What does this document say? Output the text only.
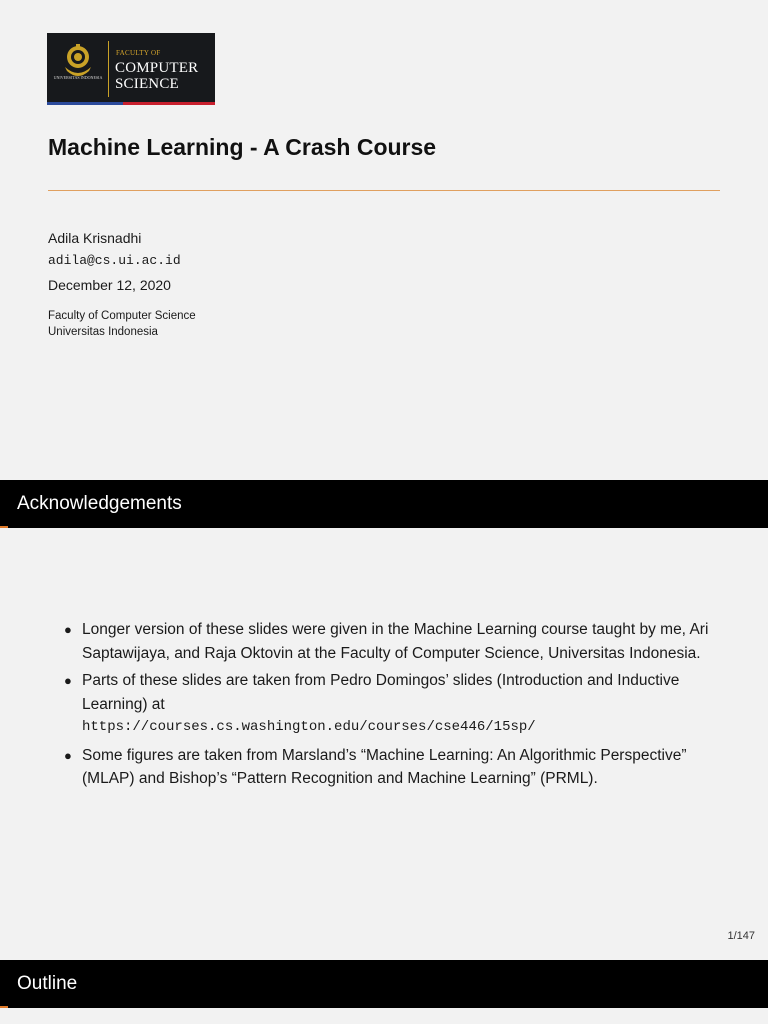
UNIVERSITAS INDONESIA
FACULTY OF
COMPUTER
SCIENCE
Machine Learning - A Crash Course
Adila Krisnadhi
adila@cs.ui.ac.id
December 12, 2020
Faculty of Computer Science
Universitas Indonesia
Acknowledgements
● Longer version of these slides were given in the Machine Learning course taught by me, Ari Saptawijaya, and Raja Oktovin at the Faculty of Computer Science, Universitas Indonesia.
● Parts of these slides are taken from Pedro Domingos’ slides (Introduction and Inductive Learning) at
https://courses.cs.washington.edu/courses/cse446/15sp/
● Some figures are taken from Marsland’s “Machine Learning: An Algorithmic Perspective” (MLAP) and Bishop’s “Pattern Recognition and Machine Learning” (PRML).
1/147
Outline
